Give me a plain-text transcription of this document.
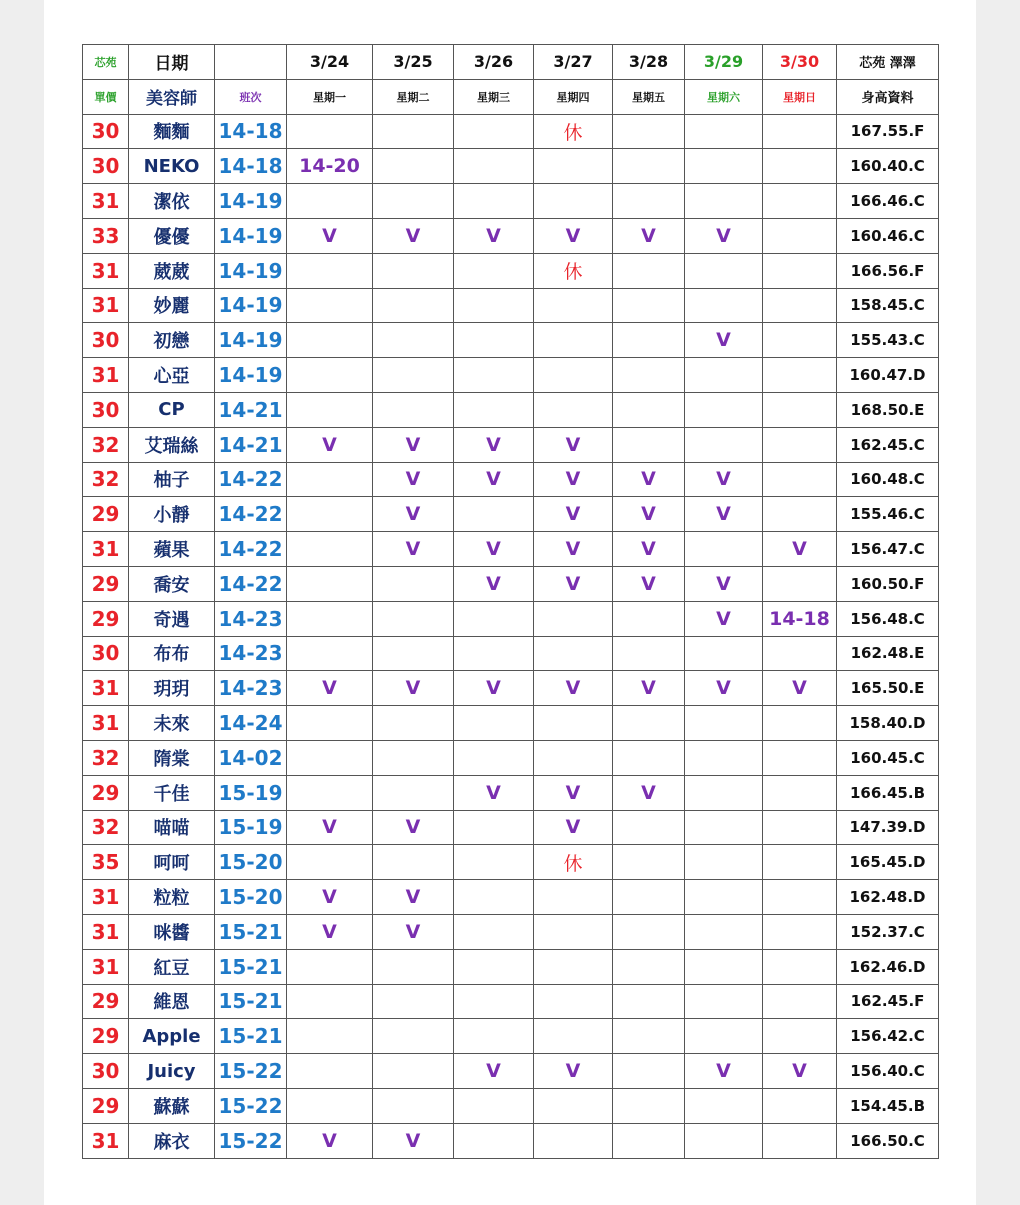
芯苑	日期		3/24	3/25	3/26	3/27	3/28	3/29	3/30	芯苑 澤澤
單價	美容師	班次	星期一	星期二	星期三	星期四	星期五	星期六	星期日	身高資料
30	麵麵	14-18				休				167.55.F
30	NEKO	14-18	14-20							160.40.C
31	潔依	14-19								166.46.C
33	優優	14-19	V	V	V	V	V	V		160.46.C
31	葳葳	14-19				休				166.56.F
31	妙麗	14-19								158.45.C
30	初戀	14-19						V		155.43.C
31	心亞	14-19								160.47.D
30	CP	14-21								168.50.E
32	艾瑞絲	14-21	V	V	V	V				162.45.C
32	柚子	14-22		V	V	V	V	V		160.48.C
29	小靜	14-22		V		V	V	V		155.46.C
31	蘋果	14-22		V	V	V	V		V	156.47.C
29	喬安	14-22			V	V	V	V		160.50.F
29	奇遇	14-23						V	14-18	156.48.C
30	布布	14-23								162.48.E
31	玥玥	14-23	V	V	V	V	V	V	V	165.50.E
31	未來	14-24								158.40.D
32	隋棠	14-02								160.45.C
29	千佳	15-19			V	V	V			166.45.B
32	喵喵	15-19	V	V		V				147.39.D
35	呵呵	15-20				休				165.45.D
31	粒粒	15-20	V	V						162.48.D
31	咪醬	15-21	V	V						152.37.C
31	紅豆	15-21								162.46.D
29	維恩	15-21								162.45.F
29	Apple	15-21								156.42.C
30	Juicy	15-22			V	V		V	V	156.40.C
29	蘇蘇	15-22								154.45.B
31	麻衣	15-22	V	V						166.50.C
